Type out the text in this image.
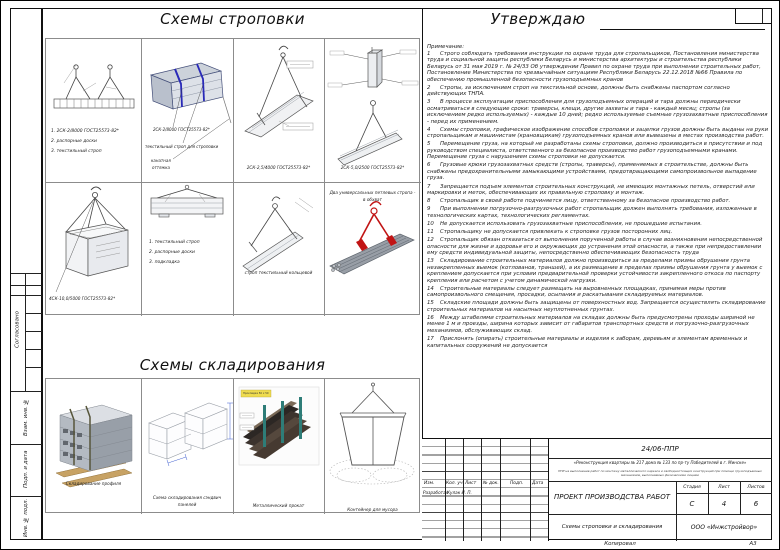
Согласовано
Взам. инв. №
Подп. и дата
Инв. № подл.
Схемы строповки
1. 2СК-2/8000 ГОСТ25573-82*
2. распорные доски
3. текстильный строп
2СК-2/8000 ГОСТ25573-82*
текстильный строп для строповки
канатная
оттяжка	2СК-2,5/4000 ГОСТ25573-82*	2СК-5,0/2500 ГОСТ25573-82*
4СК-10,0/5000 ГОСТ25573-82*
1. текстильный строп
2. распорные доски
3. подкладка
строп текстильный кольцевой
Два универсальных петлевых стропа -
в обхват
Схемы складирования
Складирование профиля
Схема складирования сэндвич
панелей
Прокладка 50 х 50
Металлический прокат
Контейнер для мусора
Утверждаю
Примечание:
1 Строго соблюдать требования инструкции по охране труда для стропальщиков, Постановления министерства труда и социальной защиты республики Беларусь и министерства архитектуры и строительства республики Беларусь от 31 мая 2019 г. № 24/33 Об утверждении Правил по охране труда при выполнении строительных работ, Постановление Министерства по чрезвычайным ситуациям Республики Беларусь 22.12.2018 №66 Правила по обеспечению промышленной безопасности грузоподъемных кранов
2 Стропы, за исключением строп на текстильной основе, должны быть снабжены паспортом согласно действующих ТНПА.
3 В процессе эксплуатации приспособления для грузоподъемных операций и тара должны периодически осматриваться в следующие сроки: траверсы, клещи, другие захваты и тара - каждый месяц; стропы (за исключением редко используемых) - каждые 10 дней; редко используемые съемные грузозахватные приспособления - перед их применением.
4 Схемы строповки, графическое изображение способов строповки и зацепки грузов должны быть выданы на руки стропальщикам и машинистам (крановщикам) грузоподъемных кранов или вывешены в местах производства работ.
5 Перемещение груза, на который не разработаны схемы строповки, должно производиться в присутствии и под руководством специалиста, ответственного за безопасное производство работ грузоподъемными кранами. Перемещение груза с нарушением схемы строповки не допускается.
6 Грузовые крюки грузозахватных средств (стропы, траверсы), применяемых в строительстве, должны быть снабжены предохранительными замыкающими устройствами, предотвращающими самопроизвольное выпадение груза.
7 Запрещается подъем элементов строительных конструкций, не имеющих монтажных петель, отверстий или маркировки и меток, обеспечивающих их правильную строповку и монтаж.
8 Стропальщик в своей работе подчиняется лицу, ответственному за безопасное производство работ.
9 При выполнении погрузочно-разгрузочных работ стропальщик должен выполнять требования, изложенные в технологических картах, технологических регламентах.
10 Не допускается использовать грузозахватные приспособления, не прошедшие испытания.
11 Стропальщику не допускается привлекать к строповке грузов посторонних лиц.
12 Стропальщик обязан отказаться от выполнения порученной работы в случае возникновения непосредственной опасности для жизни и здоровья его и окружающих до устранения этой опасности, а также при непредоставлении ему средств индивидуальной защиты, непосредственно обеспечивающих безопасность труда
13 Складирование строительных материалов должно производиться за пределами призмы обрушения грунта незакрепленных выемок (котлованов, траншей), а их размещение в пределах призмы обрушения грунта у выемок с креплением допускается при условии предварительной проверки устойчивости закрепленного откоса по паспорту крепления или расчетом с учетом динамической нагрузки.
14 Строительные материалы следует размещать на выровненных площадках, принимая меры против самопроизвольного смещения, просадки, осыпания и раскатывания складируемых материалов.
15 Складские площади должны быть защищены от поверхностных вод. Запрещается осуществлять складирование строительных материалов на насыпных неуплотненных грунтах.
16 Между штабелями строительных материалов на складах должны быть предусмотрены проходы шириной не менее 1 м и проезды, ширина которых зависит от габаритов транспортных средств и погрузочно-разгрузочных механизмов, обслуживающих склад.
17 Прислонять (опирать) строительные материалы и изделия к заборам, деревьям и элементам временных и капитальных сооружений не допускается
Изм.	Кол. уч. Лист № док.	Подп. Дата
Разработал
Кулак И. П.
24/06-ППР
«Реконструкция квартиры № 217 дома № 133 по пр-ту Победителей в г. Минске»
ППР на выполнение работ по монтажу металлического каркаса и свободностоящих конструкций при помощи грузоподъемных механизмов, выполняемых физическими лицами
ПРОЕКТ ПРОИЗВОДСТВА РАБОТ
Стадия	Лист	Листов
С	4	6
Схемы строповки и складирования	ООО «Инжстройвор»
Копировал	А3
